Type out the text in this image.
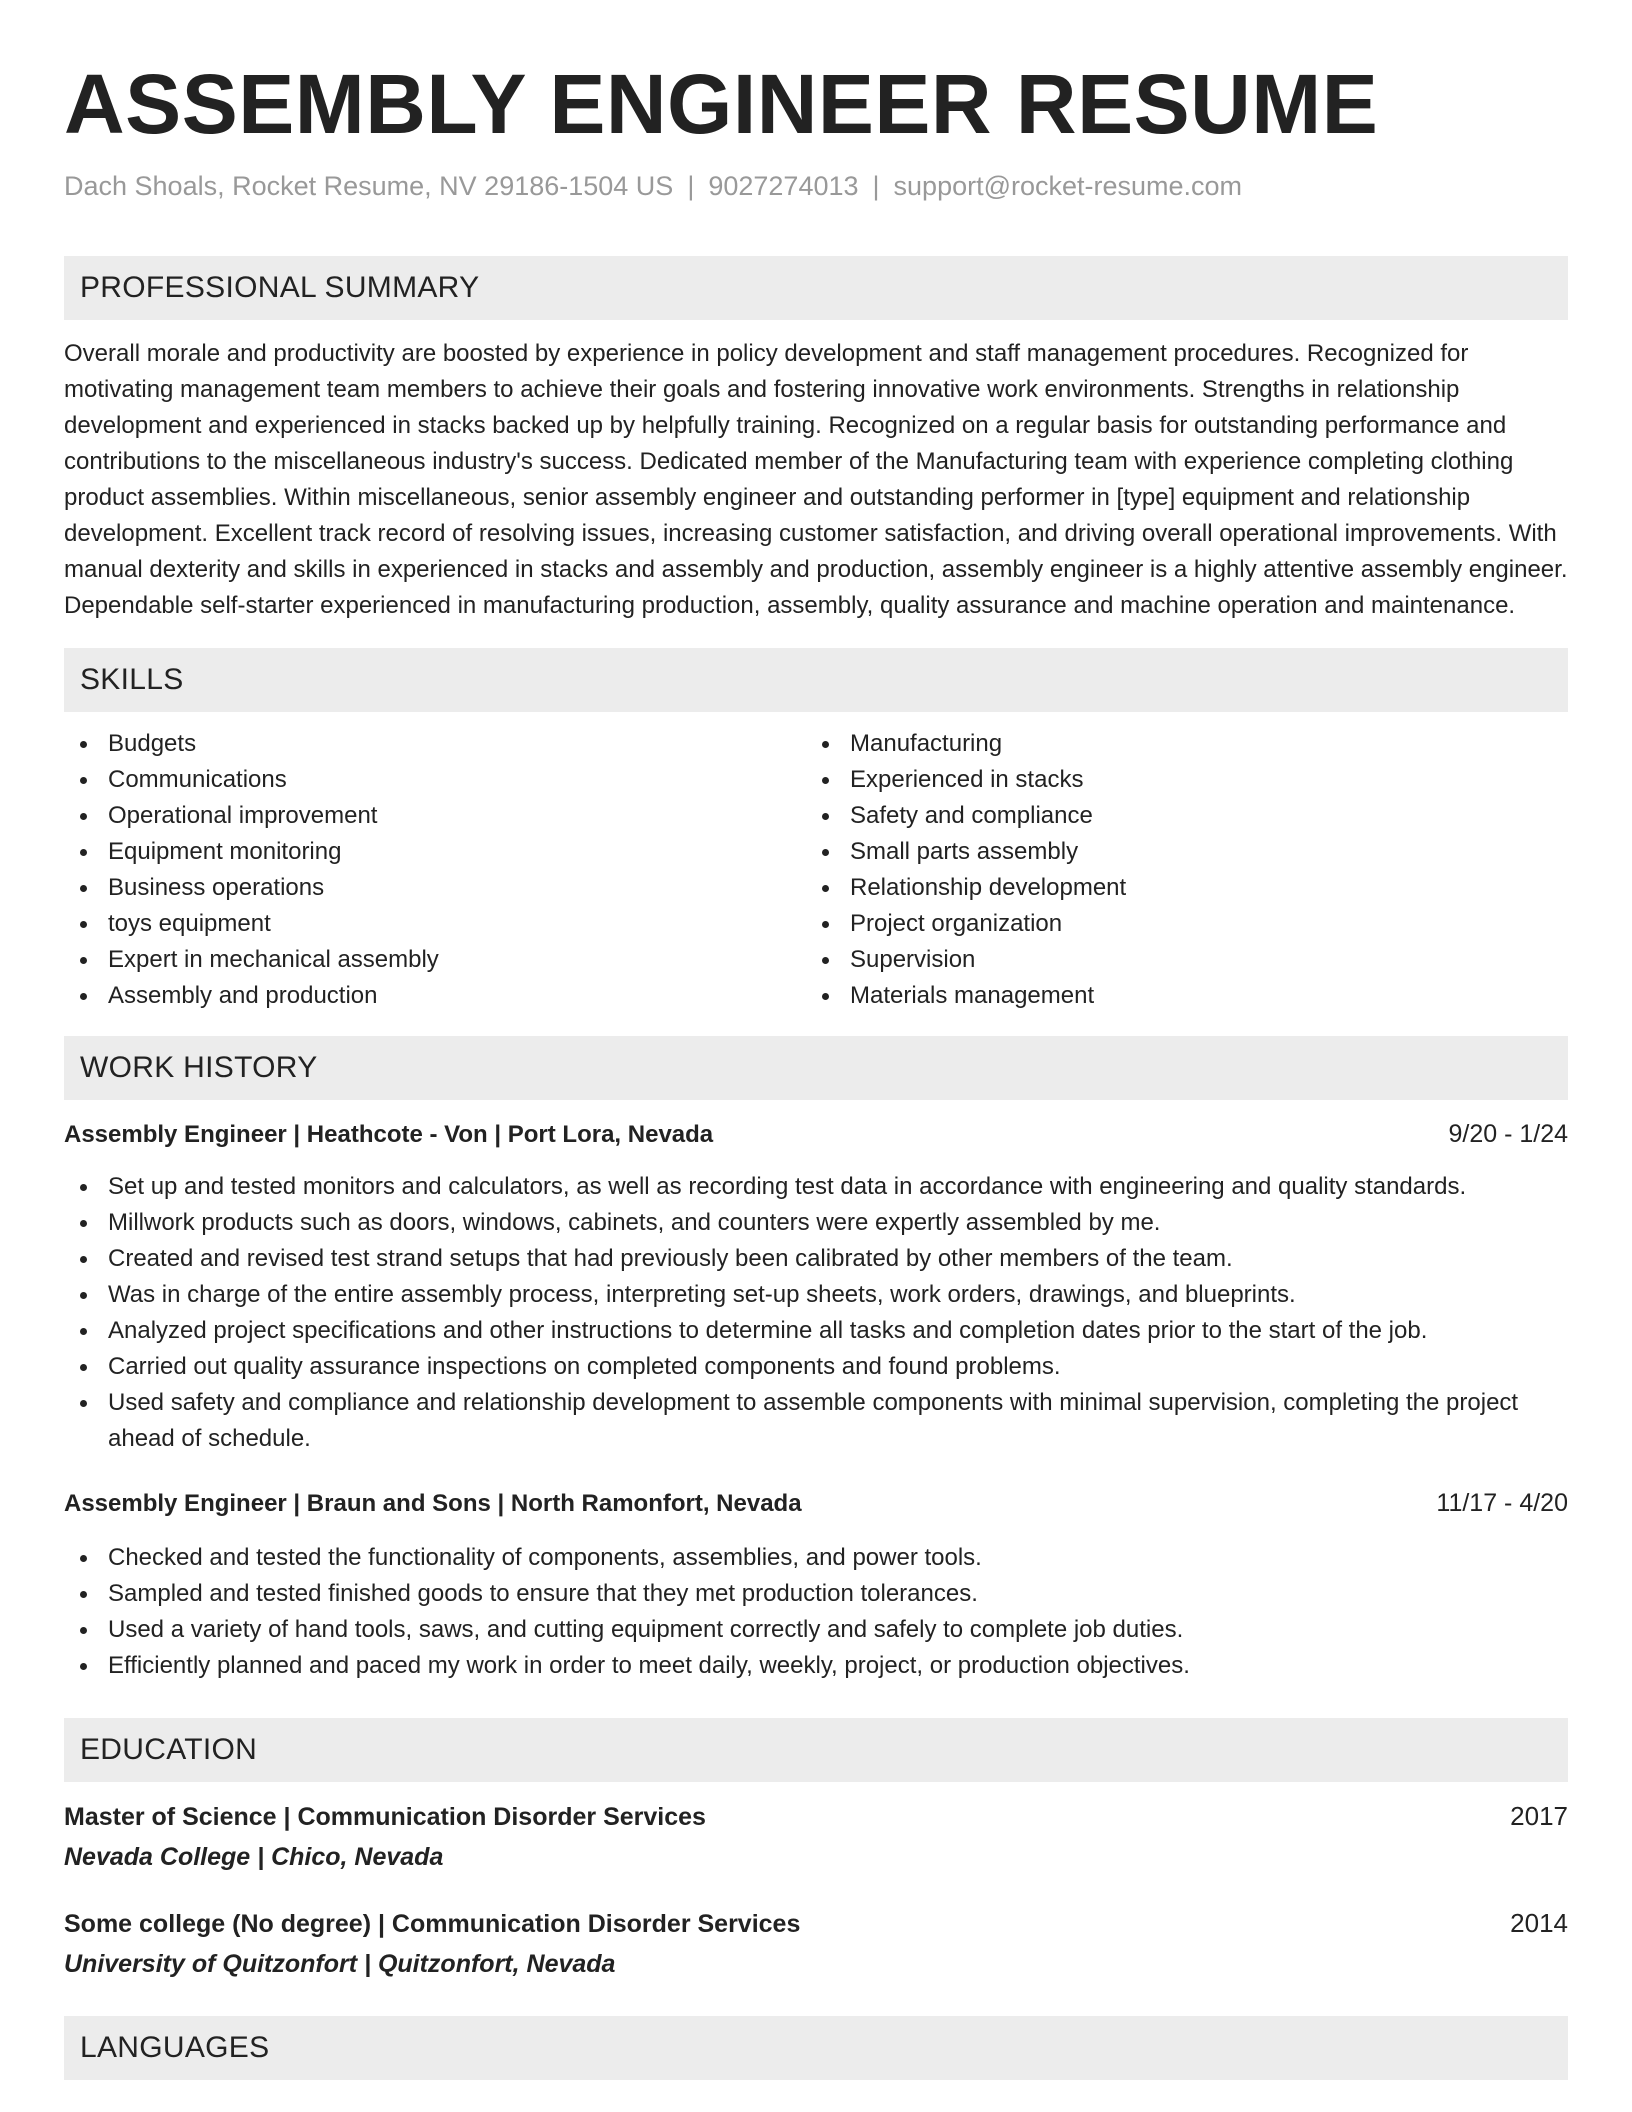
ASSEMBLY ENGINEER RESUME
Dach Shoals, Rocket Resume, NV 29186-1504 US | 9027274013 | support@rocket-resume.com
PROFESSIONAL SUMMARY
Overall morale and productivity are boosted by experience in policy development and staff management procedures. Recognized for motivating management team members to achieve their goals and fostering innovative work environments. Strengths in relationship development and experienced in stacks backed up by helpfully training. Recognized on a regular basis for outstanding performance and contributions to the miscellaneous industry's success. Dedicated member of the Manufacturing team with experience completing clothing product assemblies. Within miscellaneous, senior assembly engineer and outstanding performer in [type] equipment and relationship development. Excellent track record of resolving issues, increasing customer satisfaction, and driving overall operational improvements. With manual dexterity and skills in experienced in stacks and assembly and production, assembly engineer is a highly attentive assembly engineer. Dependable self-starter experienced in manufacturing production, assembly, quality assurance and machine operation and maintenance.
SKILLS
Budgets
Communications
Operational improvement
Equipment monitoring
Business operations
toys equipment
Expert in mechanical assembly
Assembly and production
Manufacturing
Experienced in stacks
Safety and compliance
Small parts assembly
Relationship development
Project organization
Supervision
Materials management
WORK HISTORY
Assembly Engineer | Heathcote - Von | Port Lora, Nevada	9/20 - 1/24
Set up and tested monitors and calculators, as well as recording test data in accordance with engineering and quality standards.
Millwork products such as doors, windows, cabinets, and counters were expertly assembled by me.
Created and revised test strand setups that had previously been calibrated by other members of the team.
Was in charge of the entire assembly process, interpreting set-up sheets, work orders, drawings, and blueprints.
Analyzed project specifications and other instructions to determine all tasks and completion dates prior to the start of the job.
Carried out quality assurance inspections on completed components and found problems.
Used safety and compliance and relationship development to assemble components with minimal supervision, completing the project ahead of schedule.
Assembly Engineer | Braun and Sons | North Ramonfort, Nevada	11/17 - 4/20
Checked and tested the functionality of components, assemblies, and power tools.
Sampled and tested finished goods to ensure that they met production tolerances.
Used a variety of hand tools, saws, and cutting equipment correctly and safely to complete job duties.
Efficiently planned and paced my work in order to meet daily, weekly, project, or production objectives.
EDUCATION
Master of Science | Communication Disorder Services	2017
Nevada College | Chico, Nevada
Some college (No degree) | Communication Disorder Services	2014
University of Quitzonfort | Quitzonfort, Nevada
LANGUAGES
